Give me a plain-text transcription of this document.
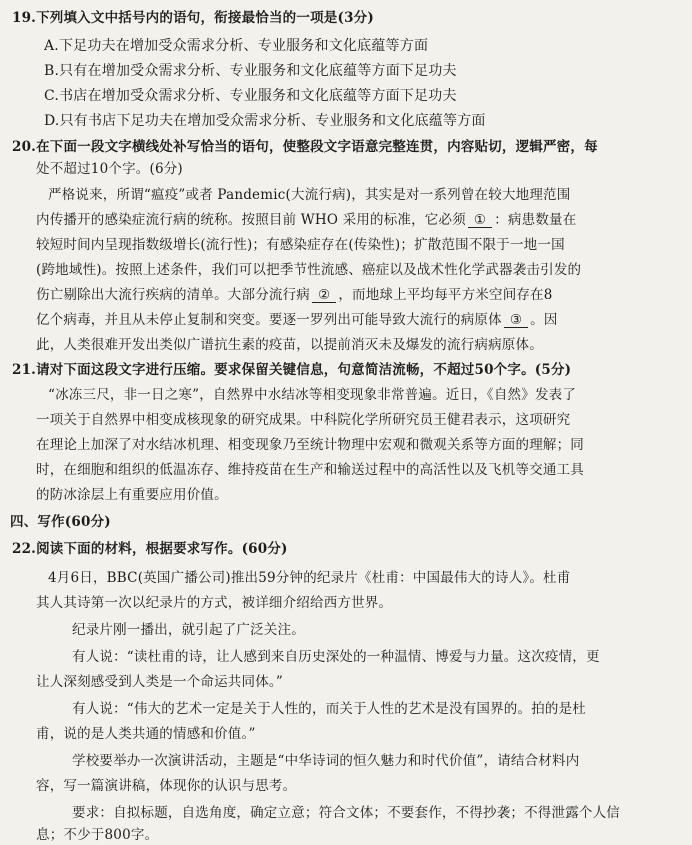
19.下列填入文中括号内的语句，衔接最恰当的一项是(3分)
A.下足功夫在增加受众需求分析、专业服务和文化底蕴等方面
B.只有在增加受众需求分析、专业服务和文化底蕴等方面下足功夫
C.书店在增加受众需求分析、专业服务和文化底蕴等方面下足功夫
D.只有书店下足功夫在增加受众需求分析、专业服务和文化底蕴等方面
20.在下面一段文字横线处补写恰当的语句，使整段文字语意完整连贯，内容贴切，逻辑严密，每
处不超过10个字。(6分)
严格说来，所谓“瘟疫”或者 Pandemic(大流行病)，其实是对一系列曾在较大地理范围
内传播开的感染症流行病的统称。按照目前 WHO 采用的标准，它必须 ① ：病患数量在
较短时间内呈现指数级增长(流行性)；有感染症存在(传染性)；扩散范围不限于一地一国
(跨地域性)。按照上述条件，我们可以把季节性流感、癌症以及战术性化学武器袭击引发的
伤亡剔除出大流行疾病的清单。大部分流行病 ② ，而地球上平均每平方米空间存在8
亿个病毒，并且从未停止复制和突变。要逐一罗列出可能导致大流行的病原体 ③ 。因
此，人类很难开发出类似广谱抗生素的疫苗，以提前消灭未及爆发的流行病病原体。
21.请对下面这段文字进行压缩。要求保留关键信息，句意简洁流畅，不超过50个字。(5分)
“冰冻三尺，非一日之寒”，自然界中水结冰等相变现象非常普遍。近日，《自然》发表了
一项关于自然界中相变成核现象的研究成果。中科院化学所研究员王健君表示，这项研究
在理论上加深了对水结冰机理、相变现象乃至统计物理中宏观和微观关系等方面的理解；同
时，在细胞和组织的低温冻存、维持疫苗在生产和输送过程中的高活性以及飞机等交通工具
的防冰涂层上有重要应用价值。
四、写作(60分)
22.阅读下面的材料，根据要求写作。(60分)
4月6日，BBC(英国广播公司)推出59分钟的纪录片《杜甫：中国最伟大的诗人》。杜甫
其人其诗第一次以纪录片的方式，被详细介绍给西方世界。
纪录片刚一播出，就引起了广泛关注。
有人说：“读杜甫的诗，让人感到来自历史深处的一种温情、博爱与力量。这次疫情，更
让人深刻感受到人类是一个命运共同体。”
有人说：“伟大的艺术一定是关于人性的，而关于人性的艺术是没有国界的。拍的是杜
甫，说的是人类共通的情感和价值。”
学校要举办一次演讲活动，主题是“中华诗词的恒久魅力和时代价值”，请结合材料内
容，写一篇演讲稿，体现你的认识与思考。
要求：自拟标题，自选角度，确定立意；符合文体；不要套作，不得抄袭；不得泄露个人信
息；不少于800字。
